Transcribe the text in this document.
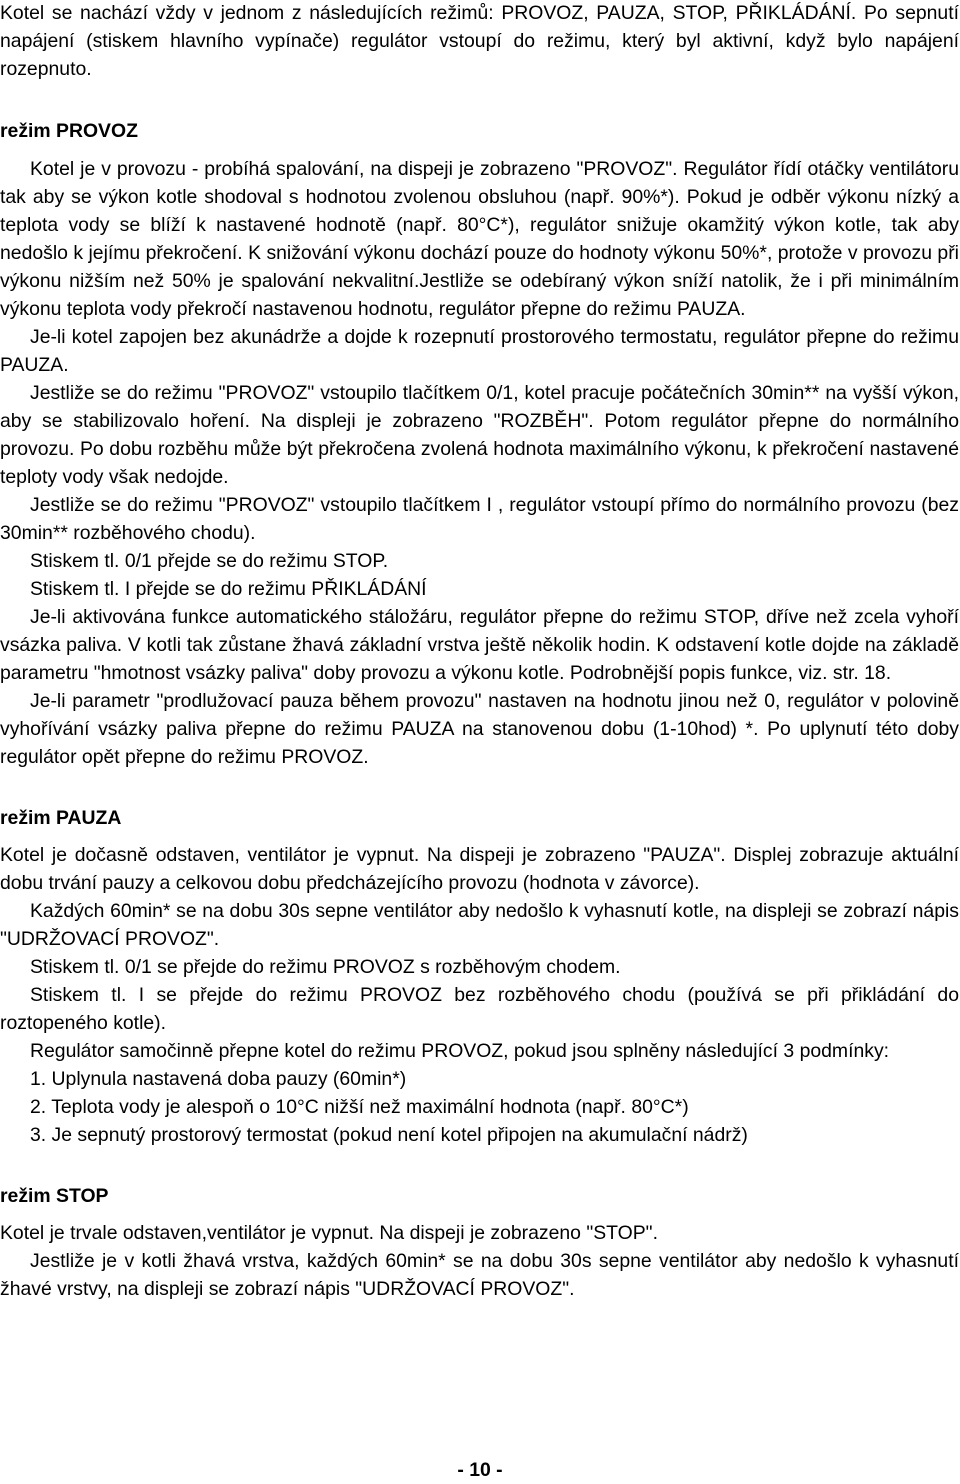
Kotel se nachází vždy v jednom z následujících režimů: PROVOZ, PAUZA, STOP, PŘIKLÁDÁNÍ. Po sepnutí napájení (stiskem hlavního vypínače) regulátor vstoupí do režimu, který byl aktivní, když bylo napájení rozepnuto.

režim PROVOZ

Kotel je v provozu - probíhá spalování, na dispeji je zobrazeno "PROVOZ". Regulátor řídí otáčky ventilátoru tak aby se výkon kotle shodoval s hodnotou zvolenou obsluhou (např. 90%*). Pokud je odběr výkonu nízký a teplota vody se blíží k nastavené hodnotě (např. 80°C*), regulátor snižuje okamžitý výkon kotle, tak aby nedošlo k jejímu překročení. K snižování výkonu dochází pouze do hodnoty výkonu 50%*, protože v provozu při výkonu nižším než 50% je spalování nekvalitní.Jestliže se odebíraný výkon sníží natolik, že i při minimálním výkonu teplota vody překročí nastavenou hodnotu, regulátor přepne do režimu PAUZA.

Je-li kotel zapojen bez akunádrže a dojde k rozepnutí prostorového termostatu, regulátor přepne do režimu PAUZA.

Jestliže se do režimu "PROVOZ" vstoupilo tlačítkem 0/1, kotel pracuje počátečních 30min** na vyšší výkon, aby se stabilizovalo hoření. Na displeji je zobrazeno "ROZBĚH". Potom regulátor přepne do normálního provozu. Po dobu rozběhu může být překročena zvolená hodnota maximálního výkonu, k překročení nastavené teploty vody však nedojde.

Jestliže se do režimu "PROVOZ" vstoupilo tlačítkem I , regulátor vstoupí přímo do normálního provozu (bez 30min** rozběhového chodu).

Stiskem tl. 0/1 přejde se do režimu STOP.

Stiskem tl. I přejde se do režimu PŘIKLÁDÁNÍ

Je-li aktivována funkce automatického stáložáru, regulátor přepne do režimu STOP, dříve než zcela vyhoří vsázka paliva. V kotli tak zůstane žhavá základní vrstva ještě několik hodin. K odstavení kotle dojde na základě parametru "hmotnost vsázky paliva" doby provozu a výkonu kotle. Podrobnější popis funkce, viz. str. 18.

Je-li parametr "prodlužovací pauza během provozu" nastaven na hodnotu jinou než 0, regulátor v polovině vyhořívání vsázky paliva přepne do režimu PAUZA na stanovenou dobu (1-10hod) *. Po uplynutí této doby regulátor opět přepne do režimu PROVOZ.

režim PAUZA

Kotel je dočasně odstaven, ventilátor je vypnut. Na dispeji je zobrazeno "PAUZA". Displej zobrazuje aktuální dobu trvání pauzy a celkovou dobu předcházejícího provozu (hodnota v závorce).

Každých 60min* se na dobu 30s sepne ventilátor aby nedošlo k vyhasnutí kotle, na displeji se zobrazí nápis "UDRŽOVACÍ PROVOZ".

Stiskem tl. 0/1 se přejde do režimu PROVOZ s rozběhovým chodem.

Stiskem tl. I se přejde do režimu PROVOZ bez rozběhového chodu (používá se při přikládání do roztopeného kotle).

Regulátor samočinně přepne kotel do režimu PROVOZ, pokud jsou splněny následující 3 podmínky:

1. Uplynula nastavená doba pauzy (60min*)

2. Teplota vody je alespoň o 10°C nižší než maximální hodnota (např. 80°C*)

3. Je sepnutý prostorový termostat (pokud není kotel připojen na akumulační nádrž)

režim STOP

Kotel je trvale odstaven,ventilátor je vypnut. Na dispeji je zobrazeno "STOP".

Jestliže je v kotli žhavá vrstva, každých 60min* se na dobu 30s sepne ventilátor aby nedošlo k vyhasnutí žhavé vrstvy, na displeji se zobrazí nápis "UDRŽOVACÍ PROVOZ".

- 10 -
